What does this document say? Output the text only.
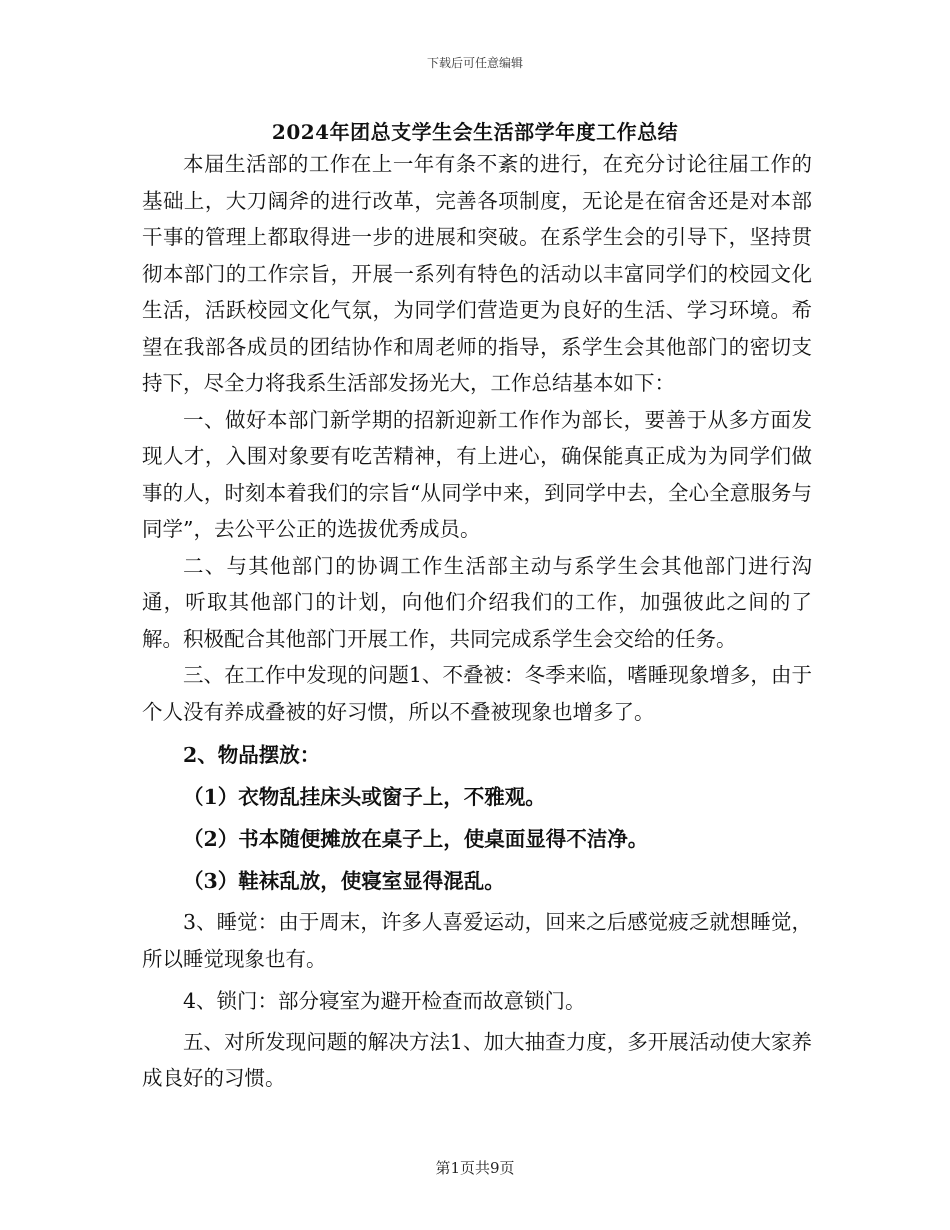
下载后可任意编辑
2024年团总支学生会生活部学年度工作总结

本届生活部的工作在上一年有条不紊的进行，在充分讨论往届工作的基础上，大刀阔斧的进行改革，完善各项制度，无论是在宿舍还是对本部干事的管理上都取得进一步的进展和突破。在系学生会的引导下，坚持贯彻本部门的工作宗旨，开展一系列有特色的活动以丰富同学们的校园文化生活，活跃校园文化气氛，为同学们营造更为良好的生活、学习环境。希望在我部各成员的团结协作和周老师的指导，系学生会其他部门的密切支持下，尽全力将我系生活部发扬光大，工作总结基本如下：

一、做好本部门新学期的招新迎新工作作为部长，要善于从多方面发现人才，入围对象要有吃苦精神，有上进心，确保能真正成为为同学们做事的人，时刻本着我们的宗旨“从同学中来，到同学中去，全心全意服务与同学”，去公平公正的选拔优秀成员。

二、与其他部门的协调工作生活部主动与系学生会其他部门进行沟通，听取其他部门的计划，向他们介绍我们的工作，加强彼此之间的了解。积极配合其他部门开展工作，共同完成系学生会交给的任务。

三、在工作中发现的问题1、不叠被：冬季来临，嗜睡现象增多，由于个人没有养成叠被的好习惯，所以不叠被现象也增多了。

2、物品摆放：

（1）衣物乱挂床头或窗子上，不雅观。

（2）书本随便摊放在桌子上，使桌面显得不洁净。

（3）鞋袜乱放，使寝室显得混乱。

3、睡觉：由于周末，许多人喜爱运动，回来之后感觉疲乏就想睡觉，所以睡觉现象也有。

4、锁门：部分寝室为避开检查而故意锁门。

五、对所发现问题的解决方法1、加大抽查力度，多开展活动使大家养成良好的习惯。

第1页共9页
